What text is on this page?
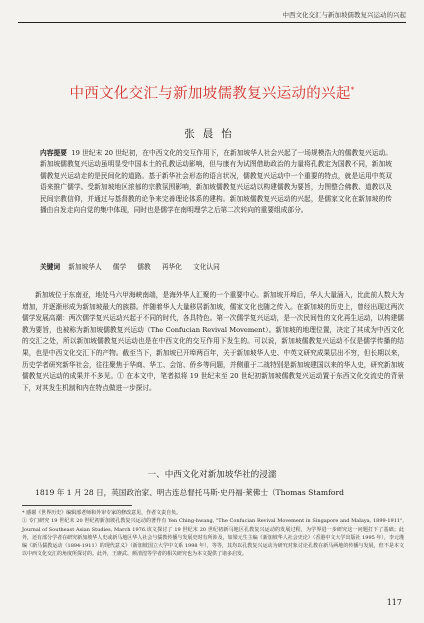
中西文化交汇与新加坡儒教复兴运动的兴起
中西文化交汇与新加坡儒教复兴运动的兴起*
张晨怡

内容提要 19 世纪末 20 世纪初，在中西文化的交互作用下，在新加坡华人社会兴起了一场规模浩大的儒教复兴运动。新加坡儒教复兴运动虽明显受中国本土的孔教运动影响，但与康有为试图借助政治的力量将孔教定为国教不同，新加坡儒教复兴运动走的是民间化的道路。基于新华社会形态的语言状况，儒教复兴运动中一个重要的特点，就是运用中英双语来推广儒学。受新加坡地区浓郁的宗教氛围影响，新加坡儒教复兴运动以构建儒教为要旨，力图整合佛教、道教以及民间宗教信仰，并通过与基督教的论争来完善理论体系的建构。新加坡儒教复兴运动的兴起，是儒家文化在新加坡的传播由自发走向自觉的集中体现，同时也是儒学在南明理学之后第二次转向的重要组成部分。

关键词 新加坡华人 儒学 儒教 再华化 文化认同

新加坡位于东南亚，地处马六甲海峡南端，是海外华人汇聚的一个重要中心。新加坡开埠后，华人大量涌入，比此前人数大为增加，并逐渐形成为新加坡最大的族群。伴随着华人大量移居新加坡，儒家文化也随之传入。在新加坡的历史上，曾经出现过两次儒学发展高潮：两次儒学复兴运动兴起于不同的时代，各具特色。第一次儒学复兴运动，是一次民间性的文化再生运动，以构建儒教为要旨，也被称为新加坡儒教复兴运动（The Confucian Revival Movement）。新加坡的地理位置，决定了其成为中西文化的交汇之处，所以新加坡儒教复兴运动也是在中西文化的交互作用下发生的。可以说，新加坡儒教复兴运动不仅是儒学传播的结果，也是中西文化交汇下的产物。截至当下，新加坡已开埠两百年，关于新加坡华人史、中英文研究成果层出不穷，但长期以来，历史学者研究新华社会，往往聚焦于华商、华工、会馆、侨乡等问题，并侧重于二战特别是新加坡建国以来的华人史，研究新加坡儒教复兴运动的成果并不多见。① 在本文中，笔者拟将 19 世纪末至 20 世纪初新加坡儒教复兴运动置于东西文化交流史的背景下，对其发生机制和内在特点做进一步探讨。

一、中西文化对新加坡华社的浸濡

1819 年 1 月 28 日，英国政治家、明古连总督托马斯·史丹福·莱佛士（Thomas Stamford

* 感谢《世界历史》编辑部老师和外审专家的修改意见，作者文责自负。

① 专门研究 19 世纪末 20 世纪初新加坡孔教复兴运动的著作有 Yen Ching-hwang, "The Confucian Revival Movement in Singapore and Malaya, 1899-1911", Journal of Southeast Asian Studies, March 1976.该文探讨了 19 世纪末 20 世纪初新马地区孔教复兴运动的发展过程，为学界进一步研究这一问题打下了基础；此外，还有部分学者在研究新加坡华人史或新马地区华人社会与儒教传播与发展史时有所涉及，如梁元生主编《新加坡华人社会史论》（香港中文大学出版社 1995 年），李元瑾编《新马儒教运动（1894-1911）的现代意义》（新加坡国立大学中文系 1998 年），等等，其均以孔教复兴运动为研究对象讨论孔教在新马两地的传播与发展，但不是本文以中西文化交汇的角度所探讨的。此外，王赓武、颜清湟等学者的相关研究也为本文提供了诸多启发。

117
